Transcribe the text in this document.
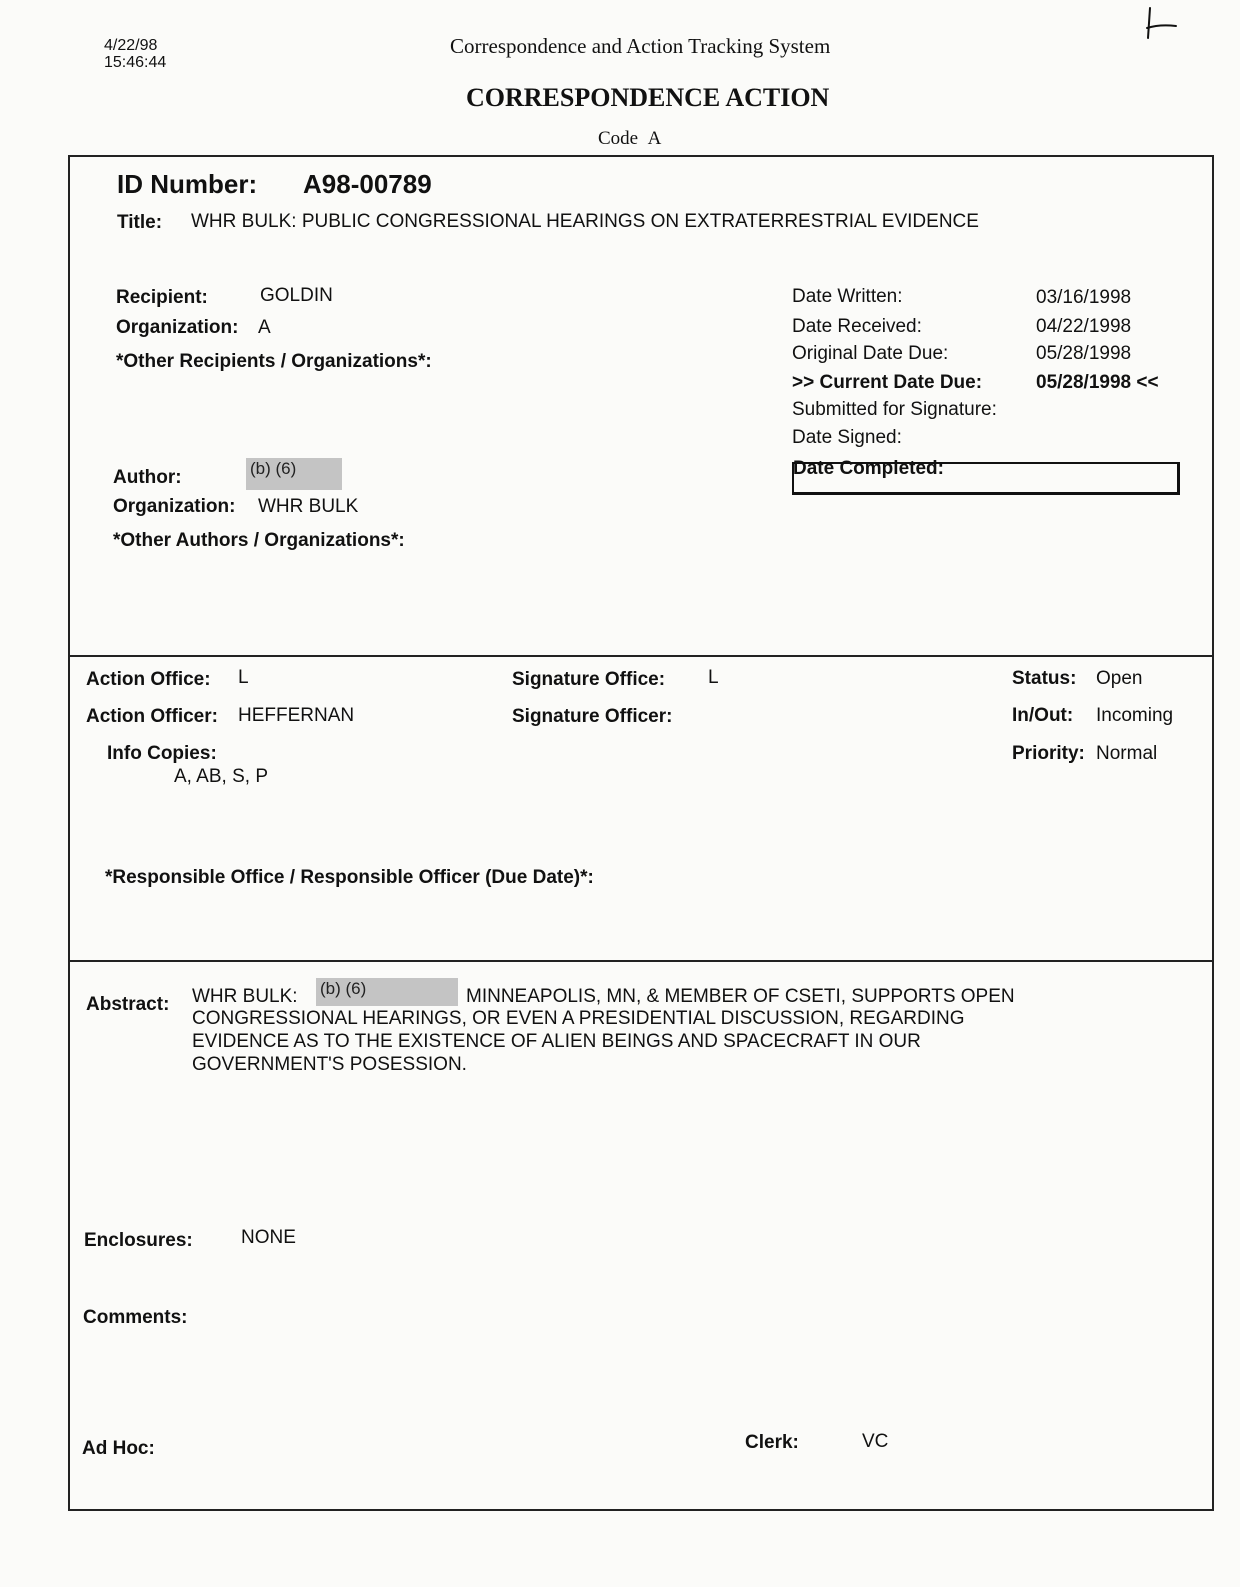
4/22/98
15:46:44
Correspondence and Action Tracking System
CORRESPONDENCE ACTION
Code A
ID Number: A98-00789
Title: WHR BULK: PUBLIC CONGRESSIONAL HEARINGS ON EXTRATERRESTRIAL EVIDENCE
Recipient:	GOLDIN
Organization: A
*Other Recipients / Organizations*:
Author:	(b) (6)
Organization: WHR BULK
*Other Authors / Organizations*:
Date Written:	03/16/1998
Date Received:	04/22/1998
Original Date Due:	05/28/1998
>> Current Date Due:	05/28/1998 <<
Submitted for Signature:
Date Signed:
Date Completed:
Action Office: L
Action Officer: HEFFERNAN
Info Copies:
A, AB, S, P
Signature Office: L
Signature Officer:
Status: Open
In/Out: Incoming
Priority: Normal
*Responsible Office / Responsible Officer (Due Date)*:
Abstract: WHR BULK: (b) (6)	MINNEAPOLIS, MN, & MEMBER OF CSETI, SUPPORTS OPEN
CONGRESSIONAL HEARINGS, OR EVEN A PRESIDENTIAL DISCUSSION, REGARDING
EVIDENCE AS TO THE EXISTENCE OF ALIEN BEINGS AND SPACECRAFT IN OUR
GOVERNMENT'S POSESSION.
Enclosures:	NONE
Comments:
Ad Hoc:	Clerk:	VC
